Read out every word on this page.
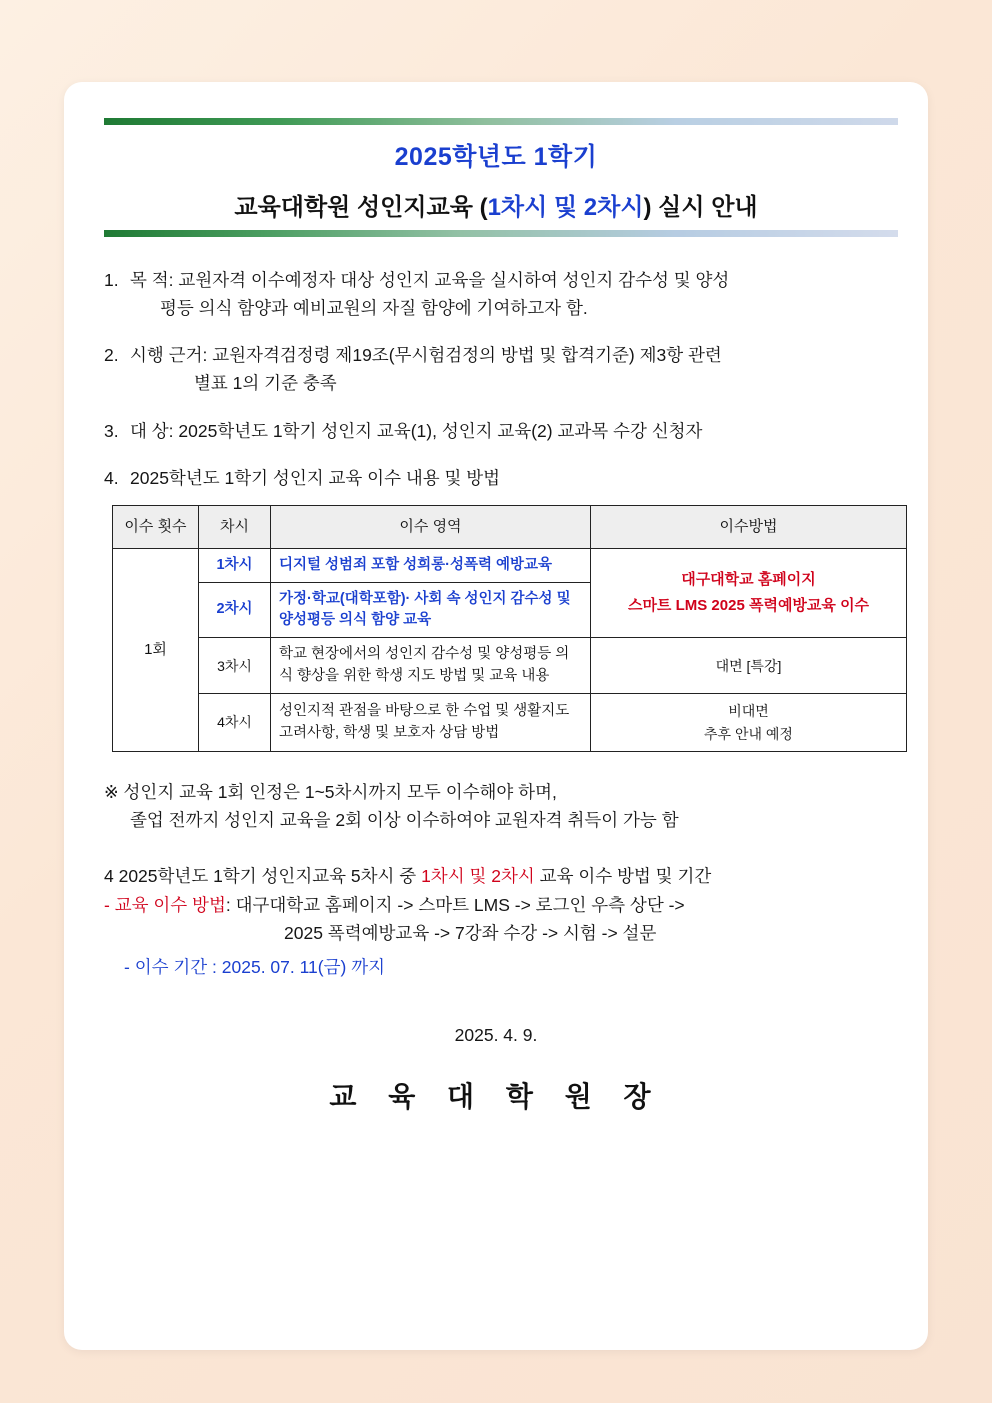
2025학년도 1학기
교육대학원 성인지교육 (1차시 및 2차시) 실시 안내
1. 목 적: 교원자격 이수예정자 대상 성인지 교육을 실시하여 성인지 감수성 및 양성
평등 의식 함양과 예비교원의 자질 함양에 기여하고자 함.
2. 시행 근거: 교원자격검정령 제19조(무시험검정의 방법 및 합격기준) 제3항 관련
별표 1의 기준 충족
3. 대 상: 2025학년도 1학기 성인지 교육(1), 성인지 교육(2) 교과목 수강 신청자
4. 2025학년도 1학기 성인지 교육 이수 내용 및 방법
이수 횟수	차시	이수 영역	이수방법
1회	1차시	디지털 성범죄 포함 성희롱·성폭력 예방교육	대구대학교 홈페이지
스마트 LMS 2025 폭력예방교육 이수
	2차시	가정·학교(대학포함)· 사회 속 성인지 감수성 및 양성평등 의식 함양 교육	
	3차시	학교 현장에서의 성인지 감수성 및 양성평등 의식 향상을 위한 학생 지도 방법 및 교육 내용	대면 [특강]
	4차시	성인지적 관점을 바탕으로 한 수업 및 생활지도 고려사항, 학생 및 보호자 상담 방법	비대면
추후 안내 예정
※ 성인지 교육 1회 인정은 1~5차시까지 모두 이수해야 하며,
졸업 전까지 성인지 교육을 2회 이상 이수하여야 교원자격 취득이 가능 함
4 2025학년도 1학기 성인지교육 5차시 중 1차시 및 2차시 교육 이수 방법 및 기간
- 교육 이수 방법: 대구대학교 홈페이지 -> 스마트 LMS -> 로그인 우측 상단 ->
2025 폭력예방교육 -> 7강좌 수강 -> 시험 -> 설문
- 이수 기간 : 2025. 07. 11(금) 까지
2025. 4. 9.
교 육 대 학 원 장
